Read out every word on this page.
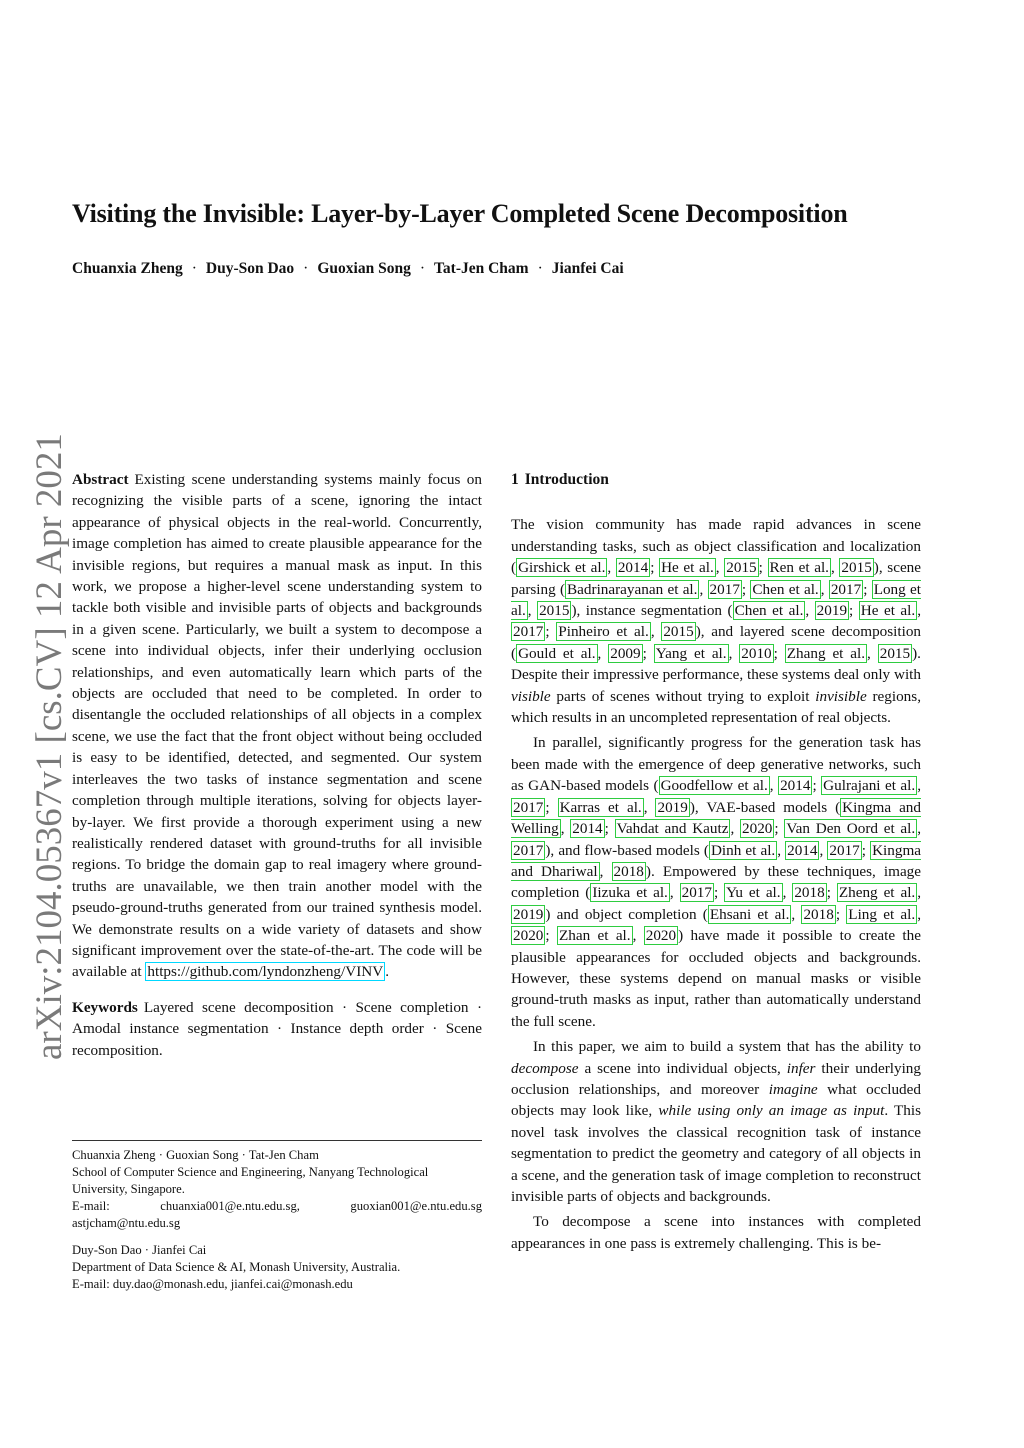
Visiting the Invisible: Layer-by-Layer Completed Scene Decomposition
Chuanxia Zheng · Duy-Son Dao · Guoxian Song · Tat-Jen Cham · Jianfei Cai
arXiv:2104.05367v1 [cs.CV] 12 Apr 2021 Abstract Existing scene understanding systems mainly focus on recognizing the visible parts of a scene, ignoring the intact appearance of physical objects in the real-world. Concurrently, image completion has aimed to create plausible appearance for the invisible regions, but requires a manual mask as input. In this work, we propose a higher-level scene understanding system to tackle both visible and invisible parts of objects and backgrounds in a given scene. Particularly, we built a system to decompose a scene into individual objects, infer their underlying occlusion relationships, and even automatically learn which parts of the objects are occluded that need to be completed. In order to disentangle the occluded relationships of all objects in a complex scene, we use the fact that the front object without being occluded is easy to be identified, detected, and segmented. Our system interleaves the two tasks of instance segmentation and scene completion through multiple iterations, solving for objects layer-by-layer. We first provide a thorough experiment using a new realistically rendered dataset with ground-truths for all invisible regions. To bridge the domain gap to real imagery where ground-truths are unavailable, we then train another model with the pseudo-ground-truths generated from our trained synthesis model. We demonstrate results on a wide variety of datasets and show significant improvement over the state-of-the-art. The code will be available at https://github.com/lyndonzheng/VINV .

Keywords Layered scene decomposition · Scene completion · Amodal instance segmentation · Instance depth order · Scene recomposition.

Chuanxia Zheng · Guoxian Song · Tat-Jen Cham
School of Computer Science and Engineering, Nanyang Technological University, Singapore.
E-mail:	chuanxia001@e.ntu.edu.sg,	guoxian001@e.ntu.edu.sg
astjcham@ntu.edu.sg
Duy-Son Dao · Jianfei Cai
Department of Data Science & AI, Monash University, Australia.
E-mail: duy.dao@monash.edu, jianfei.cai@monash.edu
1 Introduction

The vision community has made rapid advances in scene understanding tasks, such as object classification and localization ( Girshick et al. , 2014 ; He et al. , 2015 ; Ren et al. , 2015 ), scene parsing ( Badrinarayanan et al. , 2017 ; Chen et al. , 2017 ; Long et al. , 2015 ), instance segmentation ( Chen et al. , 2019 ; He et al. , 2017 ; Pinheiro et al. , 2015 ), and layered scene decomposition ( Gould et al. , 2009 ; Yang et al. , 2010 ; Zhang et al. , 2015 ). Despite their impressive performance, these systems deal only with visible parts of scenes without trying to exploit invisible regions, which results in an uncompleted representation of real objects.

In parallel, significantly progress for the generation task has been made with the emergence of deep generative networks, such as GAN-based models ( Goodfellow et al. , 2014 ; Gulrajani et al. , 2017 ; Karras et al. , 2019 ), VAE-based models ( Kingma and Welling , 2014 ; Vahdat and Kautz , 2020 ; Van Den Oord et al. , 2017 ), and flow-based models ( Dinh et al. , 2014 , 2017 ; Kingma and Dhariwal , 2018 ). Empowered by these techniques, image completion ( Iizuka et al. , 2017 ; Yu et al. , 2018 ; Zheng et al. , 2019 ) and object completion ( Ehsani et al. , 2018 ; Ling et al. , 2020 ; Zhan et al. , 2020 ) have made it possible to create the plausible appearances for occluded objects and backgrounds. However, these systems depend on manual masks or visible ground-truth masks as input, rather than automatically understand the full scene.

In this paper, we aim to build a system that has the ability to decompose a scene into individual objects, infer their underlying occlusion relationships, and moreover imagine what occluded objects may look like, while using only an image as input. This novel task involves the classical recognition task of instance segmentation to predict the geometry and category of all objects in a scene, and the generation task of image completion to reconstruct invisible parts of objects and backgrounds.

To decompose a scene into instances with completed appearances in one pass is extremely challenging. This is be-
